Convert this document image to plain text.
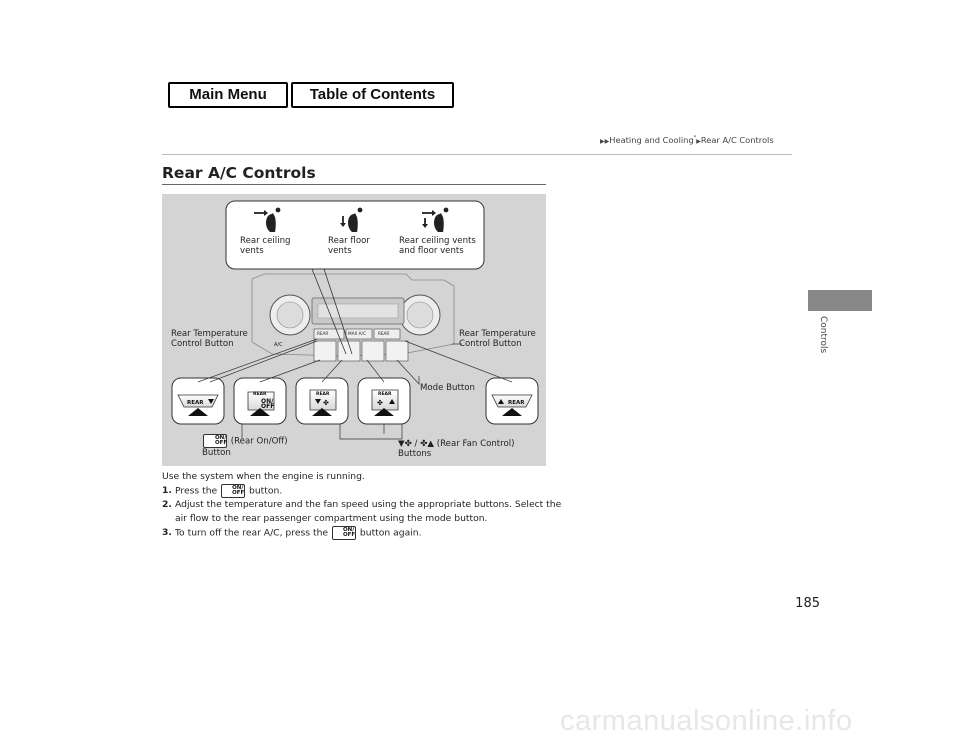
Main Menu	Table of Contents
▶▶Heating and Cooling*▶Rear A/C Controls
185
Controls
Rear A/C Controls
A/C
REAR	MAX A/C	REAR
REAR
REAR
ON/
OFF
REAR
✤
REAR
✤	REAR
Rear ceiling vents
Rear floor vents
Rear ceiling vents and floor vents
Rear Temperature Control Button
Rear Temperature Control Button
Mode Button
ON/
OFF (Rear On/Off) Button
▼✤ / ✤▲ (Rear Fan Control) Buttons

Use the system when the engine is running.

1. Press the	ON/
OFF button.
2. Adjust the temperature and the fan speed using the appropriate buttons. Select the air flow to the rear passenger compartment using the mode button.
3. To turn off the rear A/C, press the	ON/
OFF button again.
carmanualsonline.info
